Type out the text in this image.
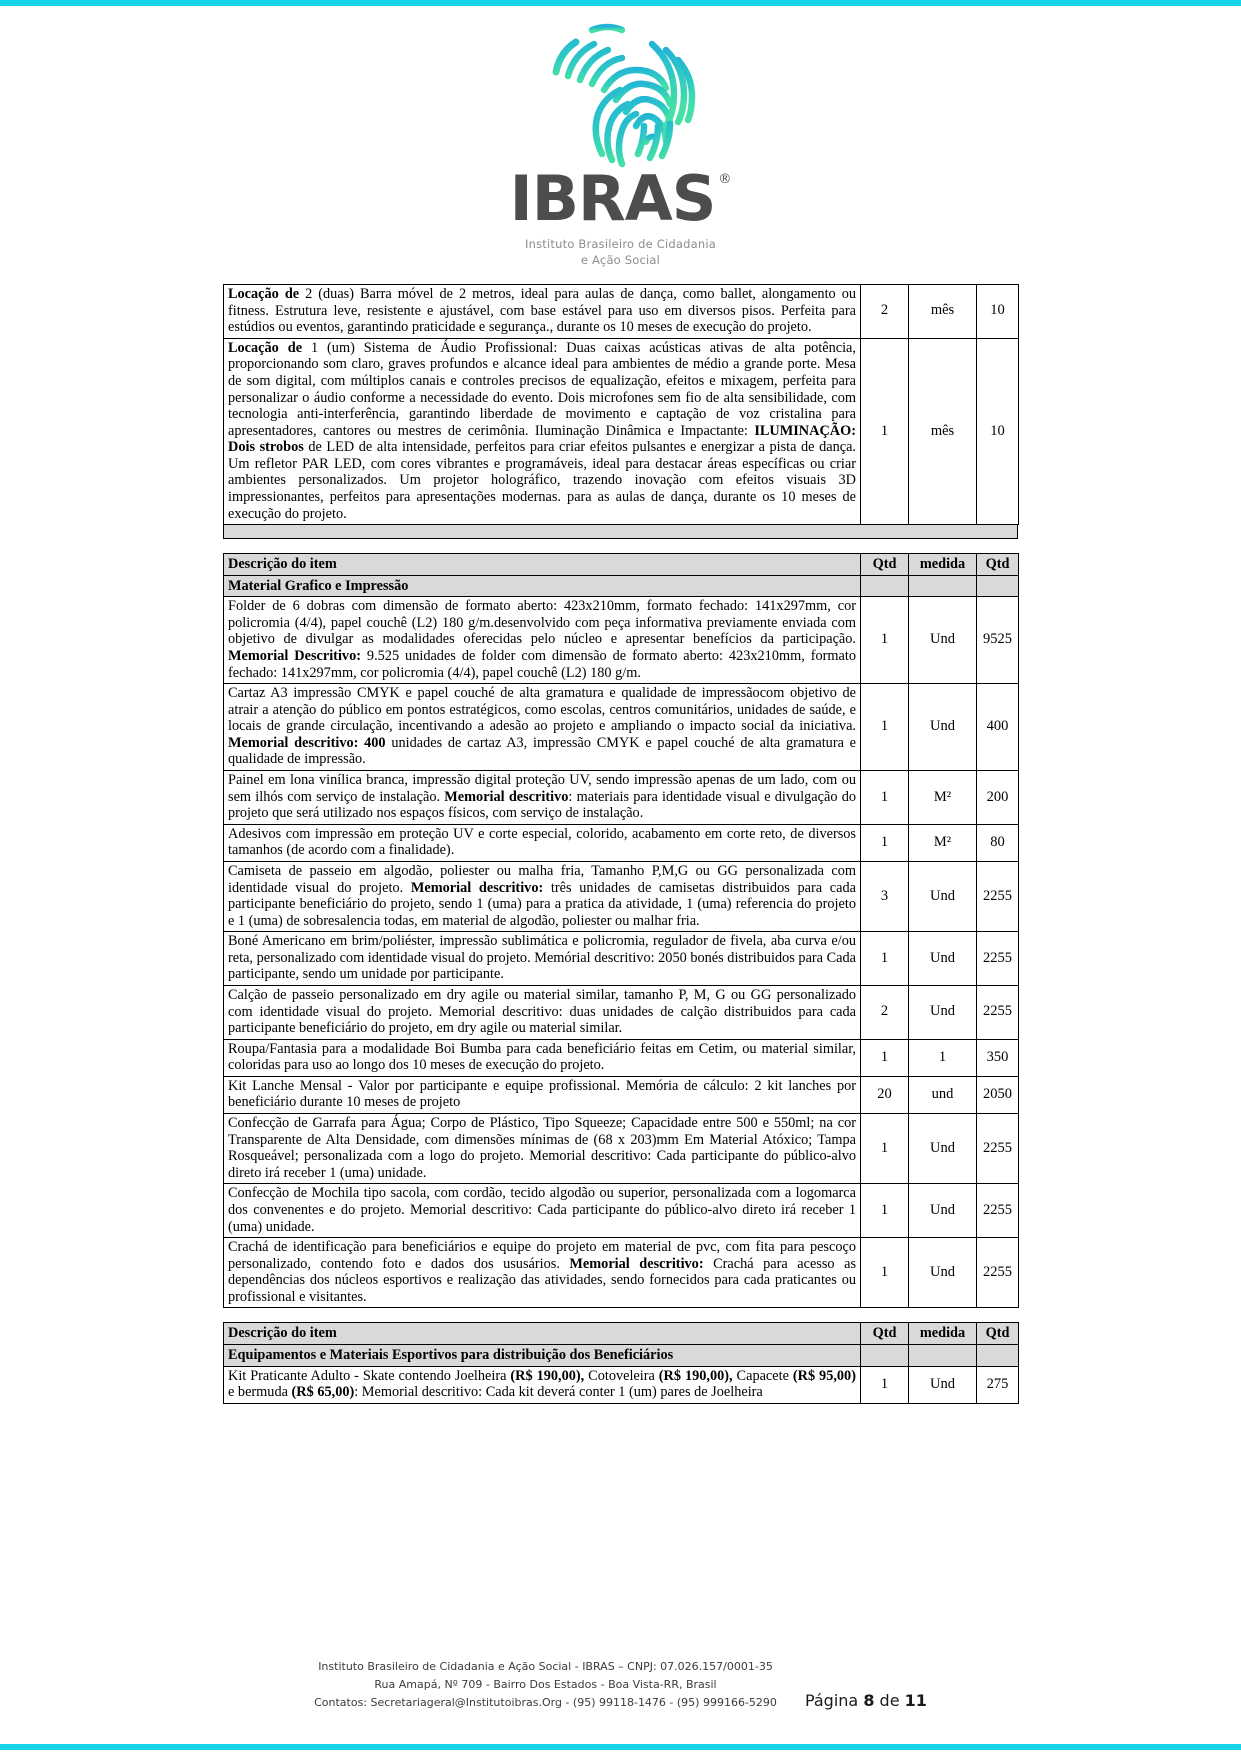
IBRAS ®
Instituto Brasileiro de Cidadania
e Ação Social
Locação de 2 (duas) Barra móvel de 2 metros, ideal para aulas de dança, como ballet, alongamento ou fitness. Estrutura leve, resistente e ajustável, com base estável para uso em diversos pisos. Perfeita para estúdios ou eventos, garantindo praticidade e segurança., durante os 10 meses de execução do projeto.	2	mês	10
Locação de 1 (um) Sistema de Áudio Profissional: Duas caixas acústicas ativas de alta potência, proporcionando som claro, graves profundos e alcance ideal para ambientes de médio a grande porte. Mesa de som digital, com múltiplos canais e controles precisos de equalização, efeitos e mixagem, perfeita para personalizar o áudio conforme a necessidade do evento. Dois microfones sem fio de alta sensibilidade, com tecnologia anti-interferência, garantindo liberdade de movimento e captação de voz cristalina para apresentadores, cantores ou mestres de cerimônia. Iluminação Dinâmica e Impactante: ILUMINAÇÃO: Dois strobos de LED de alta intensidade, perfeitos para criar efeitos pulsantes e energizar a pista de dança. Um refletor PAR LED, com cores vibrantes e programáveis, ideal para destacar áreas específicas ou criar ambientes personalizados. Um projetor holográfico, trazendo inovação com efeitos visuais 3D impressionantes, perfeitos para apresentações modernas. para as aulas de dança, durante os 10 meses de execução do projeto.	1	mês	10
Descrição do item	Qtd	medida	Qtd
Material Grafico e Impressão			
Folder de 6 dobras com dimensão de formato aberto: 423x210mm, formato fechado: 141x297mm, cor policromia (4/4), papel couchê (L2) 180 g/m.desenvolvido com peça informativa previamente enviada com objetivo de divulgar as modalidades oferecidas pelo núcleo e apresentar benefícios da participação. Memorial Descritivo: 9.525 unidades de folder com dimensão de formato aberto: 423x210mm, formato fechado: 141x297mm, cor policromia (4/4), papel couchê (L2) 180 g/m.	1	Und	9525
Cartaz A3 impressão CMYK e papel couché de alta gramatura e qualidade de impressãocom objetivo de atrair a atenção do público em pontos estratégicos, como escolas, centros comunitários, unidades de saúde, e locais de grande circulação, incentivando a adesão ao projeto e ampliando o impacto social da iniciativa. Memorial descritivo: 400 unidades de cartaz A3, impressão CMYK e papel couché de alta gramatura e qualidade de impressão.	1	Und	400
Painel em lona vinílica branca, impressão digital proteção UV, sendo impressão apenas de um lado, com ou sem ilhós com serviço de instalação. Memorial descritivo: materiais para identidade visual e divulgação do projeto que será utilizado nos espaços físicos, com serviço de instalação.	1	M²	200
Adesivos com impressão em proteção UV e corte especial, colorido, acabamento em corte reto, de diversos tamanhos (de acordo com a finalidade).	1	M²	80
Camiseta de passeio em algodão, poliester ou malha fria, Tamanho P,M,G ou GG personalizada com identidade visual do projeto. Memorial descritivo: três unidades de camisetas distribuidos para cada participante beneficiário do projeto, sendo 1 (uma) para a pratica da atividade, 1 (uma) referencia do projeto e 1 (uma) de sobresalencia todas, em material de algodão, poliester ou malhar fria.	3	Und	2255
Boné Americano em brim/poliéster, impressão sublimática e policromia, regulador de fivela, aba curva e/ou reta, personalizado com identidade visual do projeto. Memórial descritivo: 2050 bonés distribuidos para Cada participante, sendo um unidade por participante.	1	Und	2255
Calção de passeio personalizado em dry agile ou material similar, tamanho P, M, G ou GG personalizado com identidade visual do projeto. Memorial descritivo: duas unidades de calção distribuidos para cada participante beneficiário do projeto, em dry agile ou material similar.	2	Und	2255
Roupa/Fantasia para a modalidade Boi Bumba para cada beneficiário feitas em Cetim, ou material similar, coloridas para uso ao longo dos 10 meses de execução do projeto.	1	1	350
Kit Lanche Mensal - Valor por participante e equipe profissional. Memória de cálculo: 2 kit lanches por beneficiário durante 10 meses de projeto	20	und	2050
Confecção de Garrafa para Água; Corpo de Plástico, Tipo Squeeze; Capacidade entre 500 e 550ml; na cor Transparente de Alta Densidade, com dimensões mínimas de (68 x 203)mm Em Material Atóxico; Tampa Rosqueável; personalizada com a logo do projeto. Memorial descritivo: Cada participante do público-alvo direto irá receber 1 (uma) unidade.	1	Und	2255
Confecção de Mochila tipo sacola, com cordão, tecido algodão ou superior, personalizada com a logomarca dos convenentes e do projeto. Memorial descritivo: Cada participante do público-alvo direto irá receber 1 (uma) unidade.	1	Und	2255
Crachá de identificação para beneficiários e equipe do projeto em material de pvc, com fita para pescoço personalizado, contendo foto e dados dos ususários. Memorial descritivo: Crachá para acesso as dependências dos núcleos esportivos e realização das atividades, sendo fornecidos para cada praticantes ou profissional e visitantes.	1	Und	2255
Descrição do item	Qtd	medida	Qtd
Equipamentos e Materiais Esportivos para distribuição dos Beneficiários			
Kit Praticante Adulto - Skate contendo Joelheira (R$ 190,00), Cotoveleira (R$ 190,00), Capacete (R$ 95,00) e bermuda (R$ 65,00): Memorial descritivo: Cada kit deverá conter 1 (um) pares de Joelheira	1	Und	275
Instituto Brasileiro de Cidadania e Ação Social - IBRAS – CNPJ: 07.026.157/0001-35
Rua Amapá, Nº 709 - Bairro Dos Estados - Boa Vista-RR, Brasil
Contatos: Secretariageral@Institutoibras.Org - (95) 99118-1476 - (95) 999166-5290 Página 8 de 11
